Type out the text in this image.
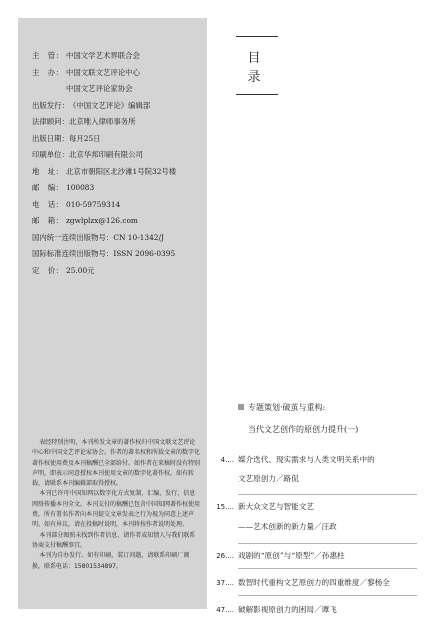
主　管： 中国文学艺术界联合会
主　办： 中国文联文艺评论中心
中国文艺评论家协会
出版发行： 《中国文艺评论》编辑部
法律顾问： 北京唯入律师事务所
出版日期： 每月25日
印刷单位： 北京华邦印刷有限公司
地　址： 北京市朝阳区北沙滩1号院32号楼
邮　编： 100083
电　话： 010-59759314
邮　箱： zgwlplzx@126.com
国内统一连续出版物号： CN 10-1342/J
国际标准连续出版物号： ISSN 2096-0395
定　价： 25.00元

表经特别注明，本刊所发文章的著作权归中国文联文艺评论中心和中国文艺评论家协会。作者的著名权和所载文章的数字化著作权使用费及本刊稿酬已全部给付。如作者在来稿时没有特别声明，即表示同意授权本刊使用文章的数字化著作权。如有转载，请联系本刊编辑部取得授权。

本刊已许可中国知网以数字化方式复制、汇编、发行、信息网络传播本刊全文。本刊支付的稿酬已包含中国知网著作权使用费，所有署名作者向本刊提交文章发表之行为视为同意上述声明。如有异议，请在投稿时说明，本刊将按作者说明处理。

本刊部分图照未找到作者信息，请作者或知情人与我们联系协商支付稿酬事宜。

本刊为自办发行。如有印刷、装订问题，请联系印刷厂调换，联系电话：15801534897。

目　录
专题策划·破茧与重构:
当代文艺创作的原创力提升(一)
4.... 媒介迭代、现实需求与人类文明关系中的
文艺原创力／路侃
15.... 新大众文艺与智能文艺
——艺术创新的新力量／汪政
26.... 戏剧的“原创”与“原型”／孙惠柱
37.... 数智时代重构文艺原创力的四重维度／黎杨全
47.... 破解影视原创力的困局／谭飞
